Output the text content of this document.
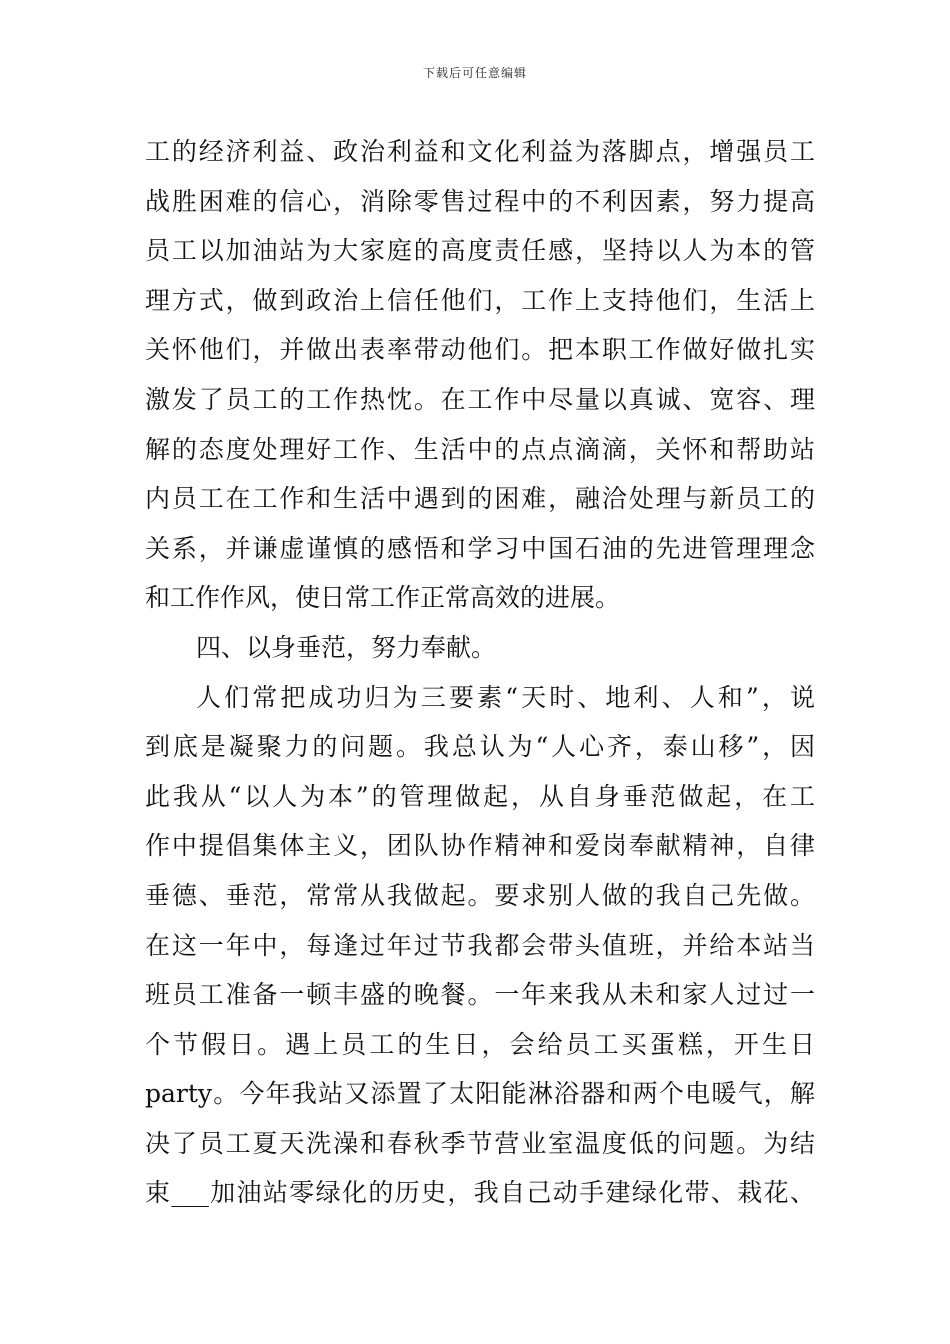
下载后可任意编辑
工的经济利益、政治利益和文化利益为落脚点，增强员工
战胜困难的信心，消除零售过程中的不利因素，努力提高
员工以加油站为大家庭的高度责任感，坚持以人为本的管
理方式，做到政治上信任他们，工作上支持他们，生活上
关怀他们，并做出表率带动他们。把本职工作做好做扎实
激发了员工的工作热忱。在工作中尽量以真诚、宽容、理
解的态度处理好工作、生活中的点点滴滴，关怀和帮助站
内员工在工作和生活中遇到的困难，融洽处理与新员工的
关系，并谦虚谨慎的感悟和学习中国石油的先进管理理念
和工作作风，使日常工作正常高效的进展。
四、以身垂范，努力奉献。
人们常把成功归为三要素“天时、地利、人和”，说
到底是凝聚力的问题。我总认为“人心齐，泰山移”，因
此我从“以人为本”的管理做起，从自身垂范做起，在工
作中提倡集体主义，团队协作精神和爱岗奉献精神，自律
垂德、垂范，常常从我做起。要求别人做的我自己先做。
在这一年中，每逢过年过节我都会带头值班，并给本站当
班员工准备一顿丰盛的晚餐。一年来我从未和家人过过一
个节假日。遇上员工的生日，会给员工买蛋糕，开生日
party。今年我站又添置了太阳能淋浴器和两个电暖气，解
决了员工夏天洗澡和春秋季节营业室温度低的问题。为结
束___加油站零绿化的历史，我自己动手建绿化带、栽花、
